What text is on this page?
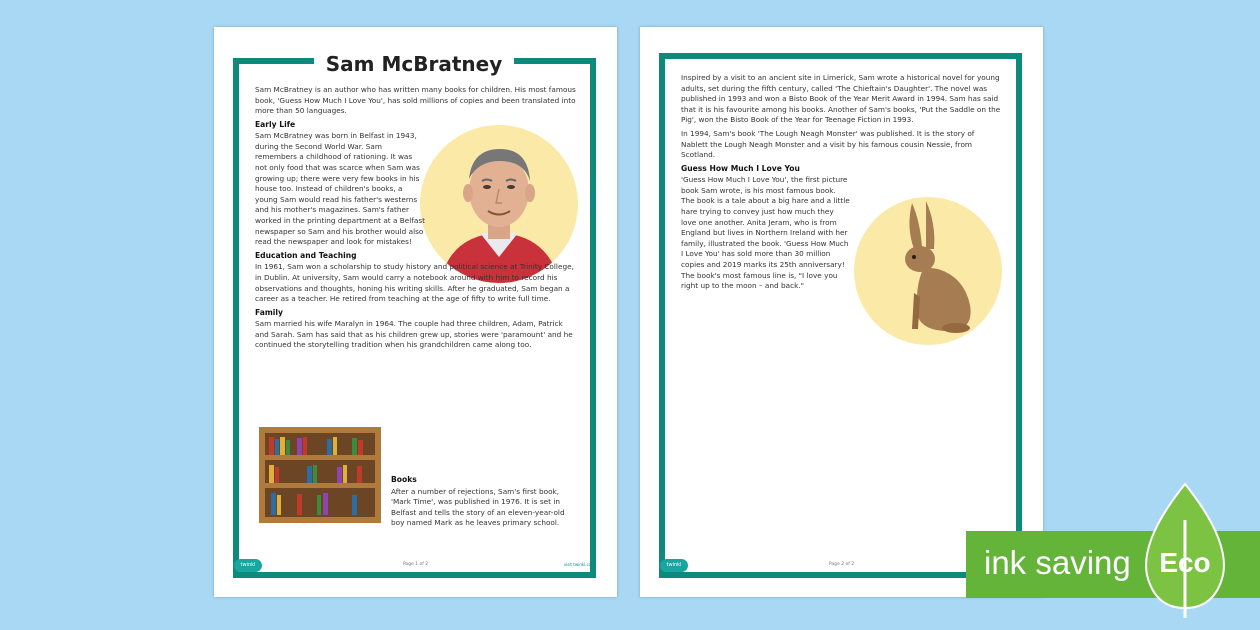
Sam McBratney

Sam McBratney is an author who has written many books for children. His most famous book, 'Guess How Much I Love You', has sold millions of copies and been translated into more than 50 languages.

Early Life

Sam McBratney was born in Belfast in 1943, during the Second World War. Sam remembers a childhood of rationing. It was not only food that was scarce when Sam was growing up; there were very few books in his house too. Instead of children's books, a young Sam would read his father's westerns and his mother's magazines. Sam's father worked in the printing department at a Belfast newspaper so Sam and his brother would also read the newspaper and look for mistakes!

Education and Teaching

In 1961, Sam won a scholarship to study history and political science at Trinity College, in Dublin. At university, Sam would carry a notebook around with him to record his observations and thoughts, honing his writing skills. After he graduated, Sam began a career as a teacher. He retired from teaching at the age of fifty to write full time.

Family

Sam married his wife Maralyn in 1964. The couple had three children, Adam, Patrick and Sarah. Sam has said that as his children grew up, stories were 'paramount' and he continued the storytelling tradition when his grandchildren came along too.

Books

After a number of rejections, Sam's first book, 'Mark Time', was published in 1976. It is set in Belfast and tells the story of an eleven-year-old boy named Mark as he leaves primary school.

twinkl	Page 1 of 2	visit twinkl.com

Inspired by a visit to an ancient site in Limerick, Sam wrote a historical novel for young adults, set during the fifth century, called 'The Chieftain's Daughter'. The novel was published in 1993 and won a Bisto Book of the Year Merit Award in 1994. Sam has said that it is his favourite among his books. Another of Sam's books, 'Put the Saddle on the Pig', won the Bisto Book of the Year for Teenage Fiction in 1993.

In 1994, Sam's book 'The Lough Neagh Monster' was published. It is the story of Nablett the Lough Neagh Monster and a visit by his famous cousin Nessie, from Scotland.

Guess How Much I Love You

'Guess How Much I Love You', the first picture book Sam wrote, is his most famous book. The book is a tale about a big hare and a little hare trying to convey just how much they love one another. Anita Jeram, who is from England but lives in Northern Ireland with her family, illustrated the book. 'Guess How Much I Love You' has sold more than 30 million copies and 2019 marks its 25th anniversary! The book's most famous line is, "I love you right up to the moon – and back."

twinkl	Page 2 of 2	ink saving Eco
